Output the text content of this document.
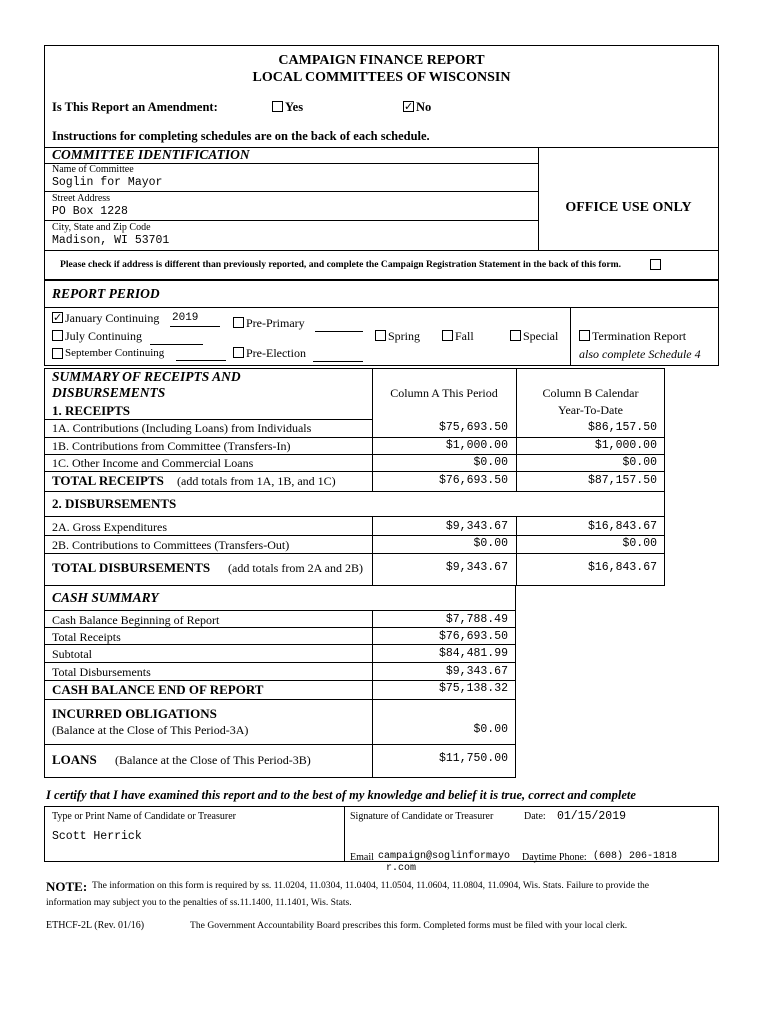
CAMPAIGN FINANCE REPORT
LOCAL COMMITTEES OF WISCONSIN
Is This Report an Amendment:	Yes	✓ No
Instructions for completing schedules are on the back of each schedule.
COMMITTEE IDENTIFICATION
Name of Committee
Soglin for Mayor
Street Address
PO Box 1228
City, State and Zip Code
Madison, WI 53701
OFFICE USE ONLY
Please check if address is different than previously reported, and complete the Campaign Registration Statement in the back of this form.
REPORT PERIOD
✓ January Continuing 2019
July Continuing
September Continuing
Pre-Primary
Pre-Election
Spring	Fall	Special	Termination Report
also complete Schedule 4
SUMMARY OF RECEIPTS AND
DISBURSEMENTS	Column A This Period	Column B Calendar
Year-To-Date
1. RECEIPTS
1A. Contributions (Including Loans) from Individuals	$75,693.50	$86,157.50
1B. Contributions from Committee (Transfers-In)	$1,000.00	$1,000.00
1C. Other Income and Commercial Loans	$0.00	$0.00
TOTAL RECEIPTS (add totals from 1A, 1B, and 1C)	$76,693.50	$87,157.50
2. DISBURSEMENTS
2A. Gross Expenditures	$9,343.67	$16,843.67
2B. Contributions to Committees (Transfers-Out)	$0.00	$0.00
TOTAL DISBURSEMENTS (add totals from 2A and 2B)	$9,343.67	$16,843.67
CASH SUMMARY
Cash Balance Beginning of Report	$7,788.49
Total Receipts	$76,693.50
Subtotal	$84,481.99
Total Disbursements	$9,343.67
CASH BALANCE END OF REPORT	$75,138.32
INCURRED OBLIGATIONS
(Balance at the Close of This Period-3A)	$0.00
LOANS (Balance at the Close of This Period-3B)	$11,750.00
I certify that I have examined this report and to the best of my knowledge and belief it is true, correct and complete
Type or Print Name of Candidate or Treasurer
Scott Herrick
Signature of Candidate or Treasurer	Date: 01/15/2019
Email campaign@soglinformayo
r.com
Daytime Phone: (608) 206-1818
NOTE: The information on this form is required by ss. 11.0204, 11.0304, 11.0404, 11.0504, 11.0604, 11.0804, 11.0904, Wis. Stats. Failure to provide the
information may subject you to the penalties of ss.11.1400, 11.1401, Wis. Stats.
ETHCF-2L (Rev. 01/16)	The Government Accountability Board prescribes this form. Completed forms must be filed with your local clerk.
